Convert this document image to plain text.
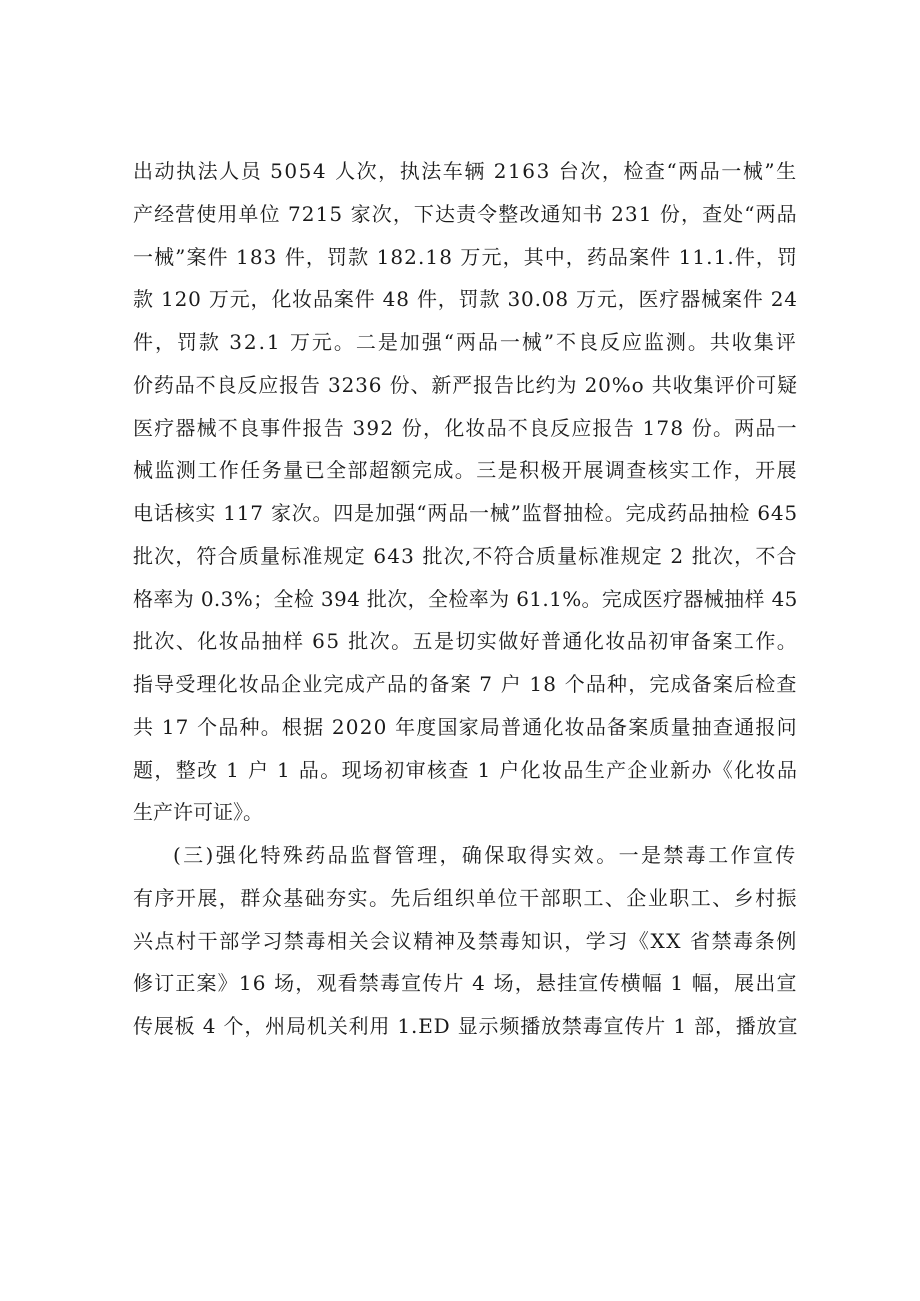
出动执法人员 5054 人次，执法车辆 2163 台次，检查“两品一械”生
产经营使用单位 7215 家次，下达责令整改通知书 231 份，查处“两品
一械”案件 183 件，罚款 182.18 万元，其中，药品案件 11.1.件，罚
款 120 万元，化妆品案件 48 件，罚款 30.08 万元，医疗器械案件 24
件，罚款 32.1 万元。二是加强“两品一械”不良反应监测。共收集评
价药品不良反应报告 3236 份、新严报告比约为 20%o 共收集评价可疑
医疗器械不良事件报告 392 份，化妆品不良反应报告 178 份。两品一
械监测工作任务量已全部超额完成。三是积极开展调查核实工作，开展
电话核实 117 家次。四是加强“两品一械”监督抽检。完成药品抽检 645
批次，符合质量标准规定 643 批次,不符合质量标准规定 2 批次，不合
格率为 0.3%；全检 394 批次，全检率为 61.1%。完成医疗器械抽样 45
批次、化妆品抽样 65 批次。五是切实做好普通化妆品初审备案工作。
指导受理化妆品企业完成产品的备案 7 户 18 个品种，完成备案后检查
共 17 个品种。根据 2020 年度国家局普通化妆品备案质量抽查通报问
题，整改 1 户 1 品。现场初审核查 1 户化妆品生产企业新办《化妆品
生产许可证》。
(三)强化特殊药品监督管理，确保取得实效。一是禁毒工作宣传
有序开展，群众基础夯实。先后组织单位干部职工、企业职工、乡村振
兴点村干部学习禁毒相关会议精神及禁毒知识，学习《XX 省禁毒条例
修订正案》16 场，观看禁毒宣传片 4 场，悬挂宣传横幅 1 幅，展出宣
传展板 4 个，州局机关利用 1.ED 显示频播放禁毒宣传片 1 部，播放宣
